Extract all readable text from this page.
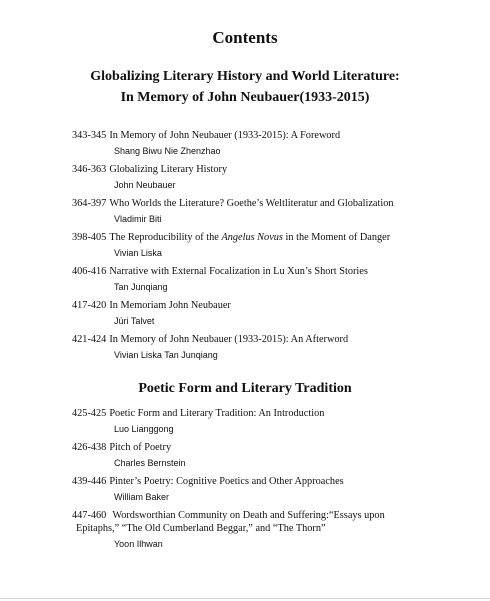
Contents
Globalizing Literary History and World Literature:
In Memory of John Neubauer(1933-2015)
343-345 In Memory of John Neubauer (1933-2015): A Foreword
Shang Biwu Nie Zhenzhao
346-363 Globalizing Literary History
John Neubauer
364-397 Who Worlds the Literature? Goethe’s Weltliteratur and Globalization
Vladimir Biti
398-405 The Reproducibility of the Angelus Novus in the Moment of Danger
Vivian Liska
406-416 Narrative with External Focalization in Lu Xun’s Short Stories
Tan Junqiang
417-420 In Memoriam John Neubauer
Jüri Talvet
421-424 In Memory of John Neubauer (1933-2015): An Afterword
Vivian Liska Tan Junqiang
Poetic Form and Literary Tradition
425-425 Poetic Form and Literary Tradition: An Introduction
Luo Lianggong
426-438 Pitch of Poetry
Charles Bernstein
439-446 Pinter’s Poetry: Cognitive Poetics and Other Approaches
William Baker
447-460 Wordsworthian Community on Death and Suffering:“Essays upon
Epitaphs,” “The Old Cumberland Beggar,” and “The Thorn”
Yoon Ilhwan
